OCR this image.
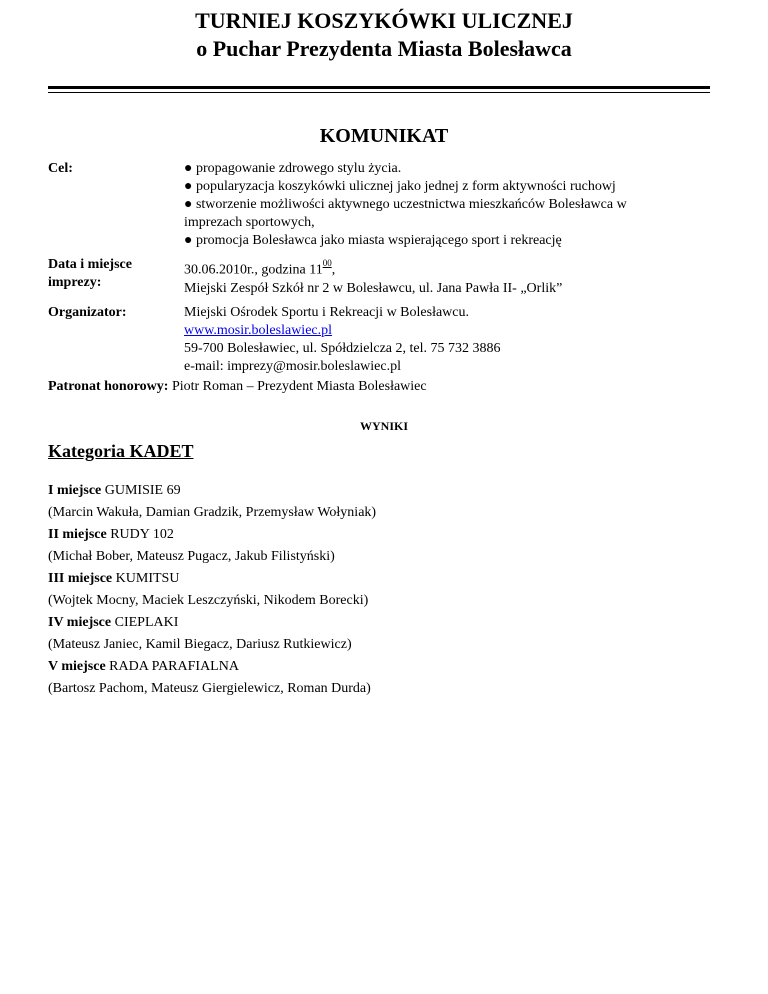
TURNIEJ KOSZYKÓWKI ULICZNEJ
o Puchar Prezydenta Miasta Bolesławca
KOMUNIKAT
Cel:	● propagowanie zdrowego stylu życia.
● popularyzacja koszykówki ulicznej jako jednej z form aktywności ruchowj
● stworzenie możliwości aktywnego uczestnictwa mieszkańców Bolesławca w
imprezach sportowych,
● promocja Bolesławca jako miasta wspierającego sport i rekreację
Data i miejsce
imprezy:
30.06.2010r., godzina $11^{00}$,
Miejski Zespół Szkół nr 2 w Bolesławcu, ul. Jana Pawła II- „Orlik”
Organizator:	Miejski Ośrodek Sportu i Rekreacji w Bolesławcu.
www.mosir.boleslawiec.pl
59-700 Bolesławiec, ul. Spółdzielcza 2, tel. 75 732 3886
e-mail: imprezy@mosir.boleslawiec.pl
Patronat honorowy: Piotr Roman – Prezydent Miasta Bolesławiec
WYNIKI
Kategoria KADET
I miejsce GUMISIE 69
(Marcin Wakuła, Damian Gradzik, Przemysław Wołyniak)
II miejsce RUDY 102
(Michał Bober, Mateusz Pugacz, Jakub Filistyński)
III miejsce KUMITSU
(Wojtek Mocny, Maciek Leszczyński, Nikodem Borecki)
IV miejsce CIEPLAKI
(Mateusz Janiec, Kamil Biegacz, Dariusz Rutkiewicz)
V miejsce RADA PARAFIALNA
(Bartosz Pachom, Mateusz Giergielewicz, Roman Durda)
